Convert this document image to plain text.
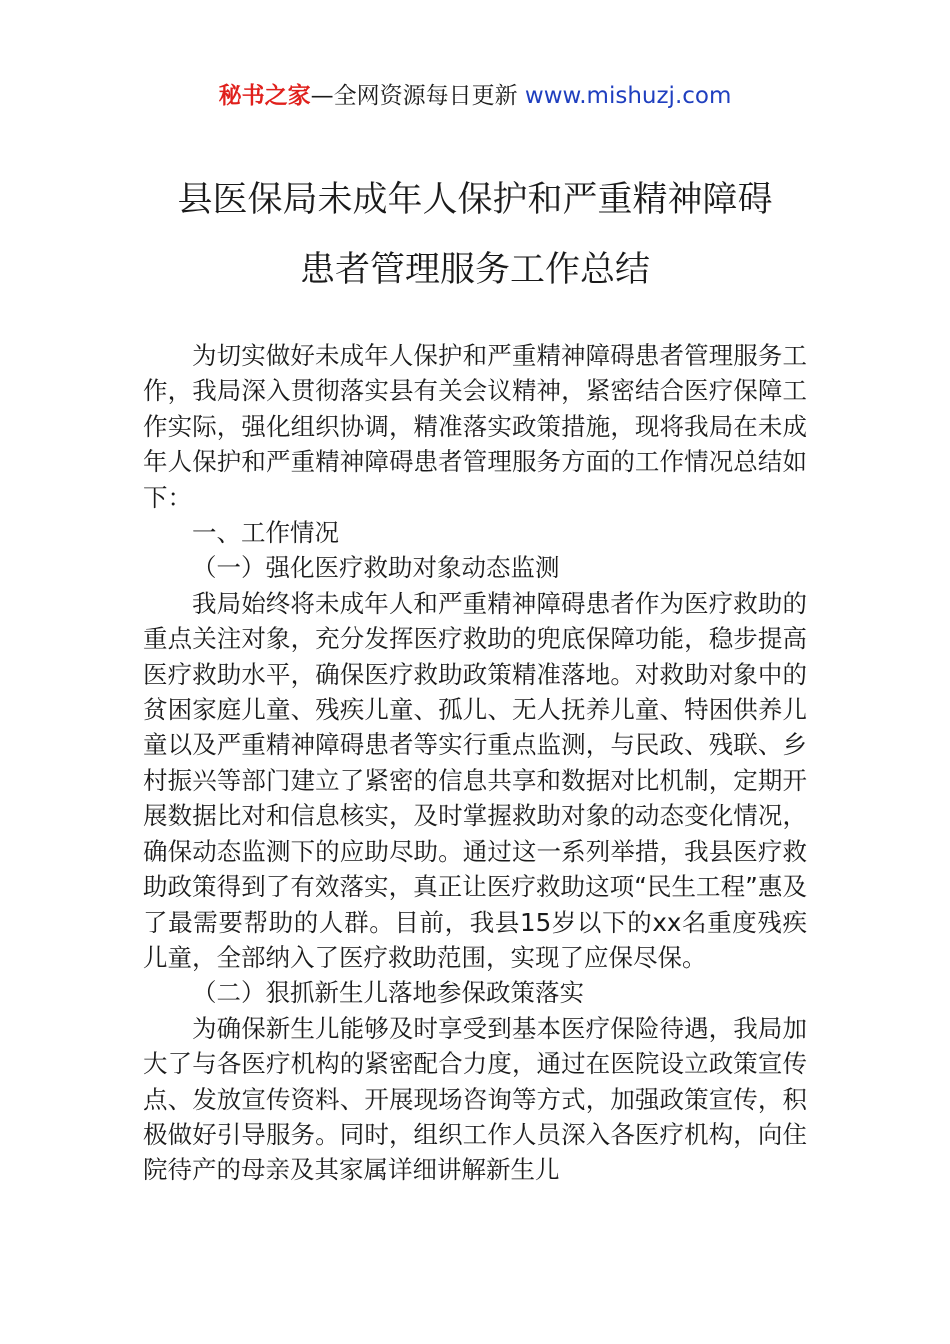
秘书之家—全网资源每日更新 www.mishuzj.com
县医保局未成年人保护和严重精神障碍
患者管理服务工作总结

为切实做好未成年人保护和严重精神障碍患者管理服务工作，我局深入贯彻落实县有关会议精神，紧密结合医疗保障工作实际，强化组织协调，精准落实政策措施，现将我局在未成年人保护和严重精神障碍患者管理服务方面的工作情况总结如下：

一、工作情况

（一）强化医疗救助对象动态监测

我局始终将未成年人和严重精神障碍患者作为医疗救助的重点关注对象，充分发挥医疗救助的兜底保障功能，稳步提高医疗救助水平，确保医疗救助政策精准落地。对救助对象中的贫困家庭儿童、残疾儿童、孤儿、无人抚养儿童、特困供养儿童以及严重精神障碍患者等实行重点监测，与民政、残联、乡村振兴等部门建立了紧密的信息共享和数据对比机制，定期开展数据比对和信息核实，及时掌握救助对象的动态变化情况，确保动态监测下的应助尽助。通过这一系列举措，我县医疗救助政策得到了有效落实，真正让医疗救助这项“民生工程”惠及了最需要帮助的人群。目前，我县15岁以下的xx名重度残疾儿童，全部纳入了医疗救助范围，实现了应保尽保。

（二）狠抓新生儿落地参保政策落实

为确保新生儿能够及时享受到基本医疗保险待遇，我局加大了与各医疗机构的紧密配合力度，通过在医院设立政策宣传点、发放宣传资料、开展现场咨询等方式，加强政策宣传，积极做好引导服务。同时，组织工作人员深入各医疗机构，向住院待产的母亲及其家属详细讲解新生儿
